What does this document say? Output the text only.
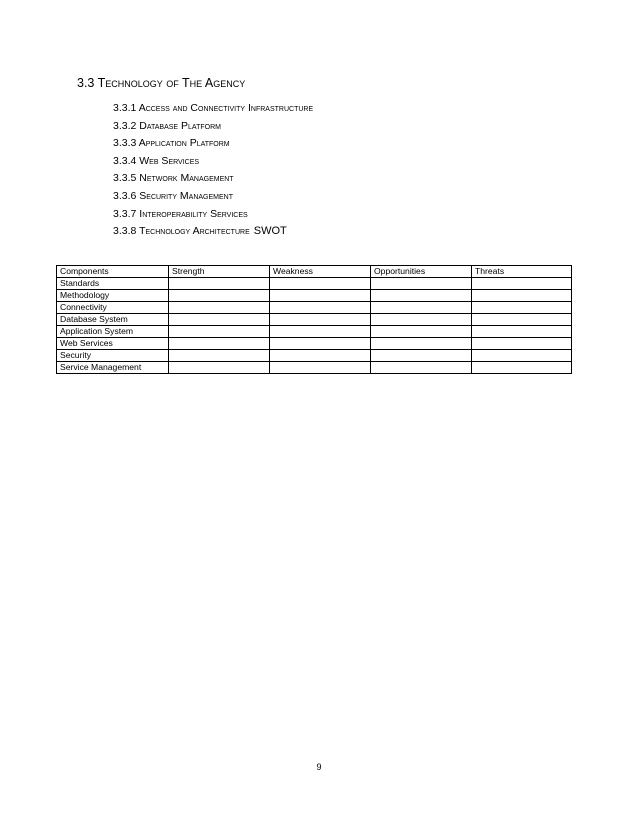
3.3 Technology of The Agency
3.3.1 Access and Connectivity Infrastructure
3.3.2 Database Platform
3.3.3 Application Platform
3.3.4 Web Services
3.3.5 Network Management
3.3.6 Security Management
3.3.7 Interoperability Services
3.3.8 Technology Architecture SWOT
Components	Strength	Weakness	Opportunities	Threats
Standards				
Methodology				
Connectivity				
Database System				
Application System				
Web Services				
Security				
Service Management				
9
